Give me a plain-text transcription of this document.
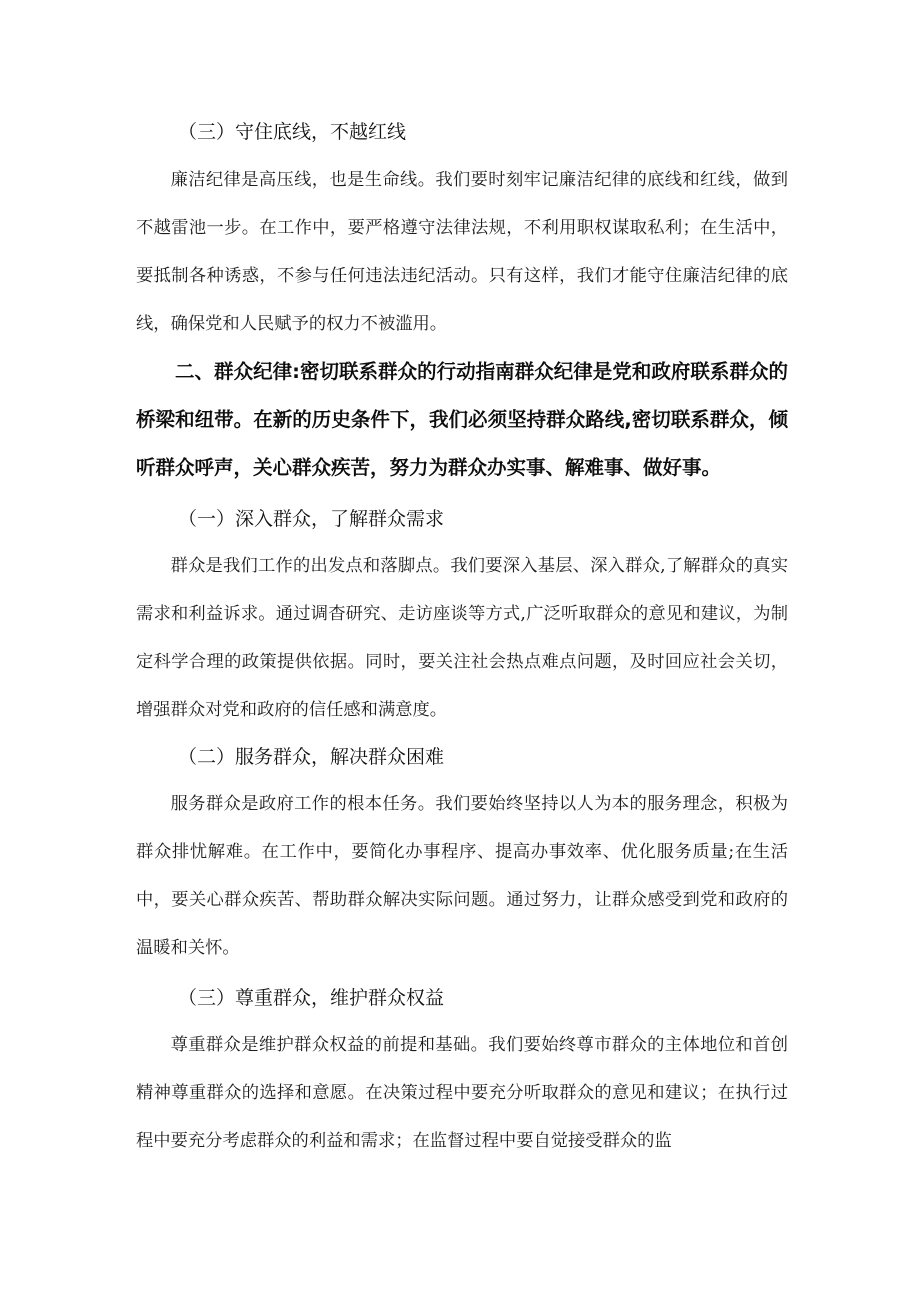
（三）守住底线，不越红线

廉洁纪律是高压线，也是生命线。我们要时刻牢记廉洁纪律的底线和红线，做到不越雷池一步。在工作中，要严格遵守法律法规，不利用职权谋取私利；在生活中，要抵制各种诱惑，不参与任何违法违纪活动。只有这样，我们才能守住廉洁纪律的底线，确保党和人民赋予的权力不被滥用。

二、群众纪律:密切联系群众的行动指南群众纪律是党和政府联系群众的桥梁和纽带。在新的历史条件下，我们必须坚持群众路线,密切联系群众，倾听群众呼声，关心群众疾苦，努力为群众办实事、解难事、做好事。

（一）深入群众，了解群众需求

群众是我们工作的出发点和落脚点。我们要深入基层、深入群众,了解群众的真实需求和利益诉求。通过调杳研究、走访座谈等方式,广泛听取群众的意见和建议，为制定科学合理的政策提供依据。同时，要关注社会热点难点问题，及时回应社会关切，增强群众对党和政府的信任感和满意度。

（二）服务群众，解决群众困难

服务群众是政府工作的根本任务。我们要始终坚持以人为本的服务理念，积极为群众排忧解难。在工作中，要简化办事程序、提高办事效率、优化服务质量;在生活中，要关心群众疾苦、帮助群众解决实际问题。通过努力，让群众感受到党和政府的温暖和关怀。

（三）尊重群众，维护群众权益

尊重群众是维护群众权益的前提和基础。我们要始终尊市群众的主体地位和首创精神尊重群众的选择和意愿。在决策过程中要充分听取群众的意见和建议；在执行过程中要充分考虑群众的利益和需求；在监督过程中要自觉接受群众的监
